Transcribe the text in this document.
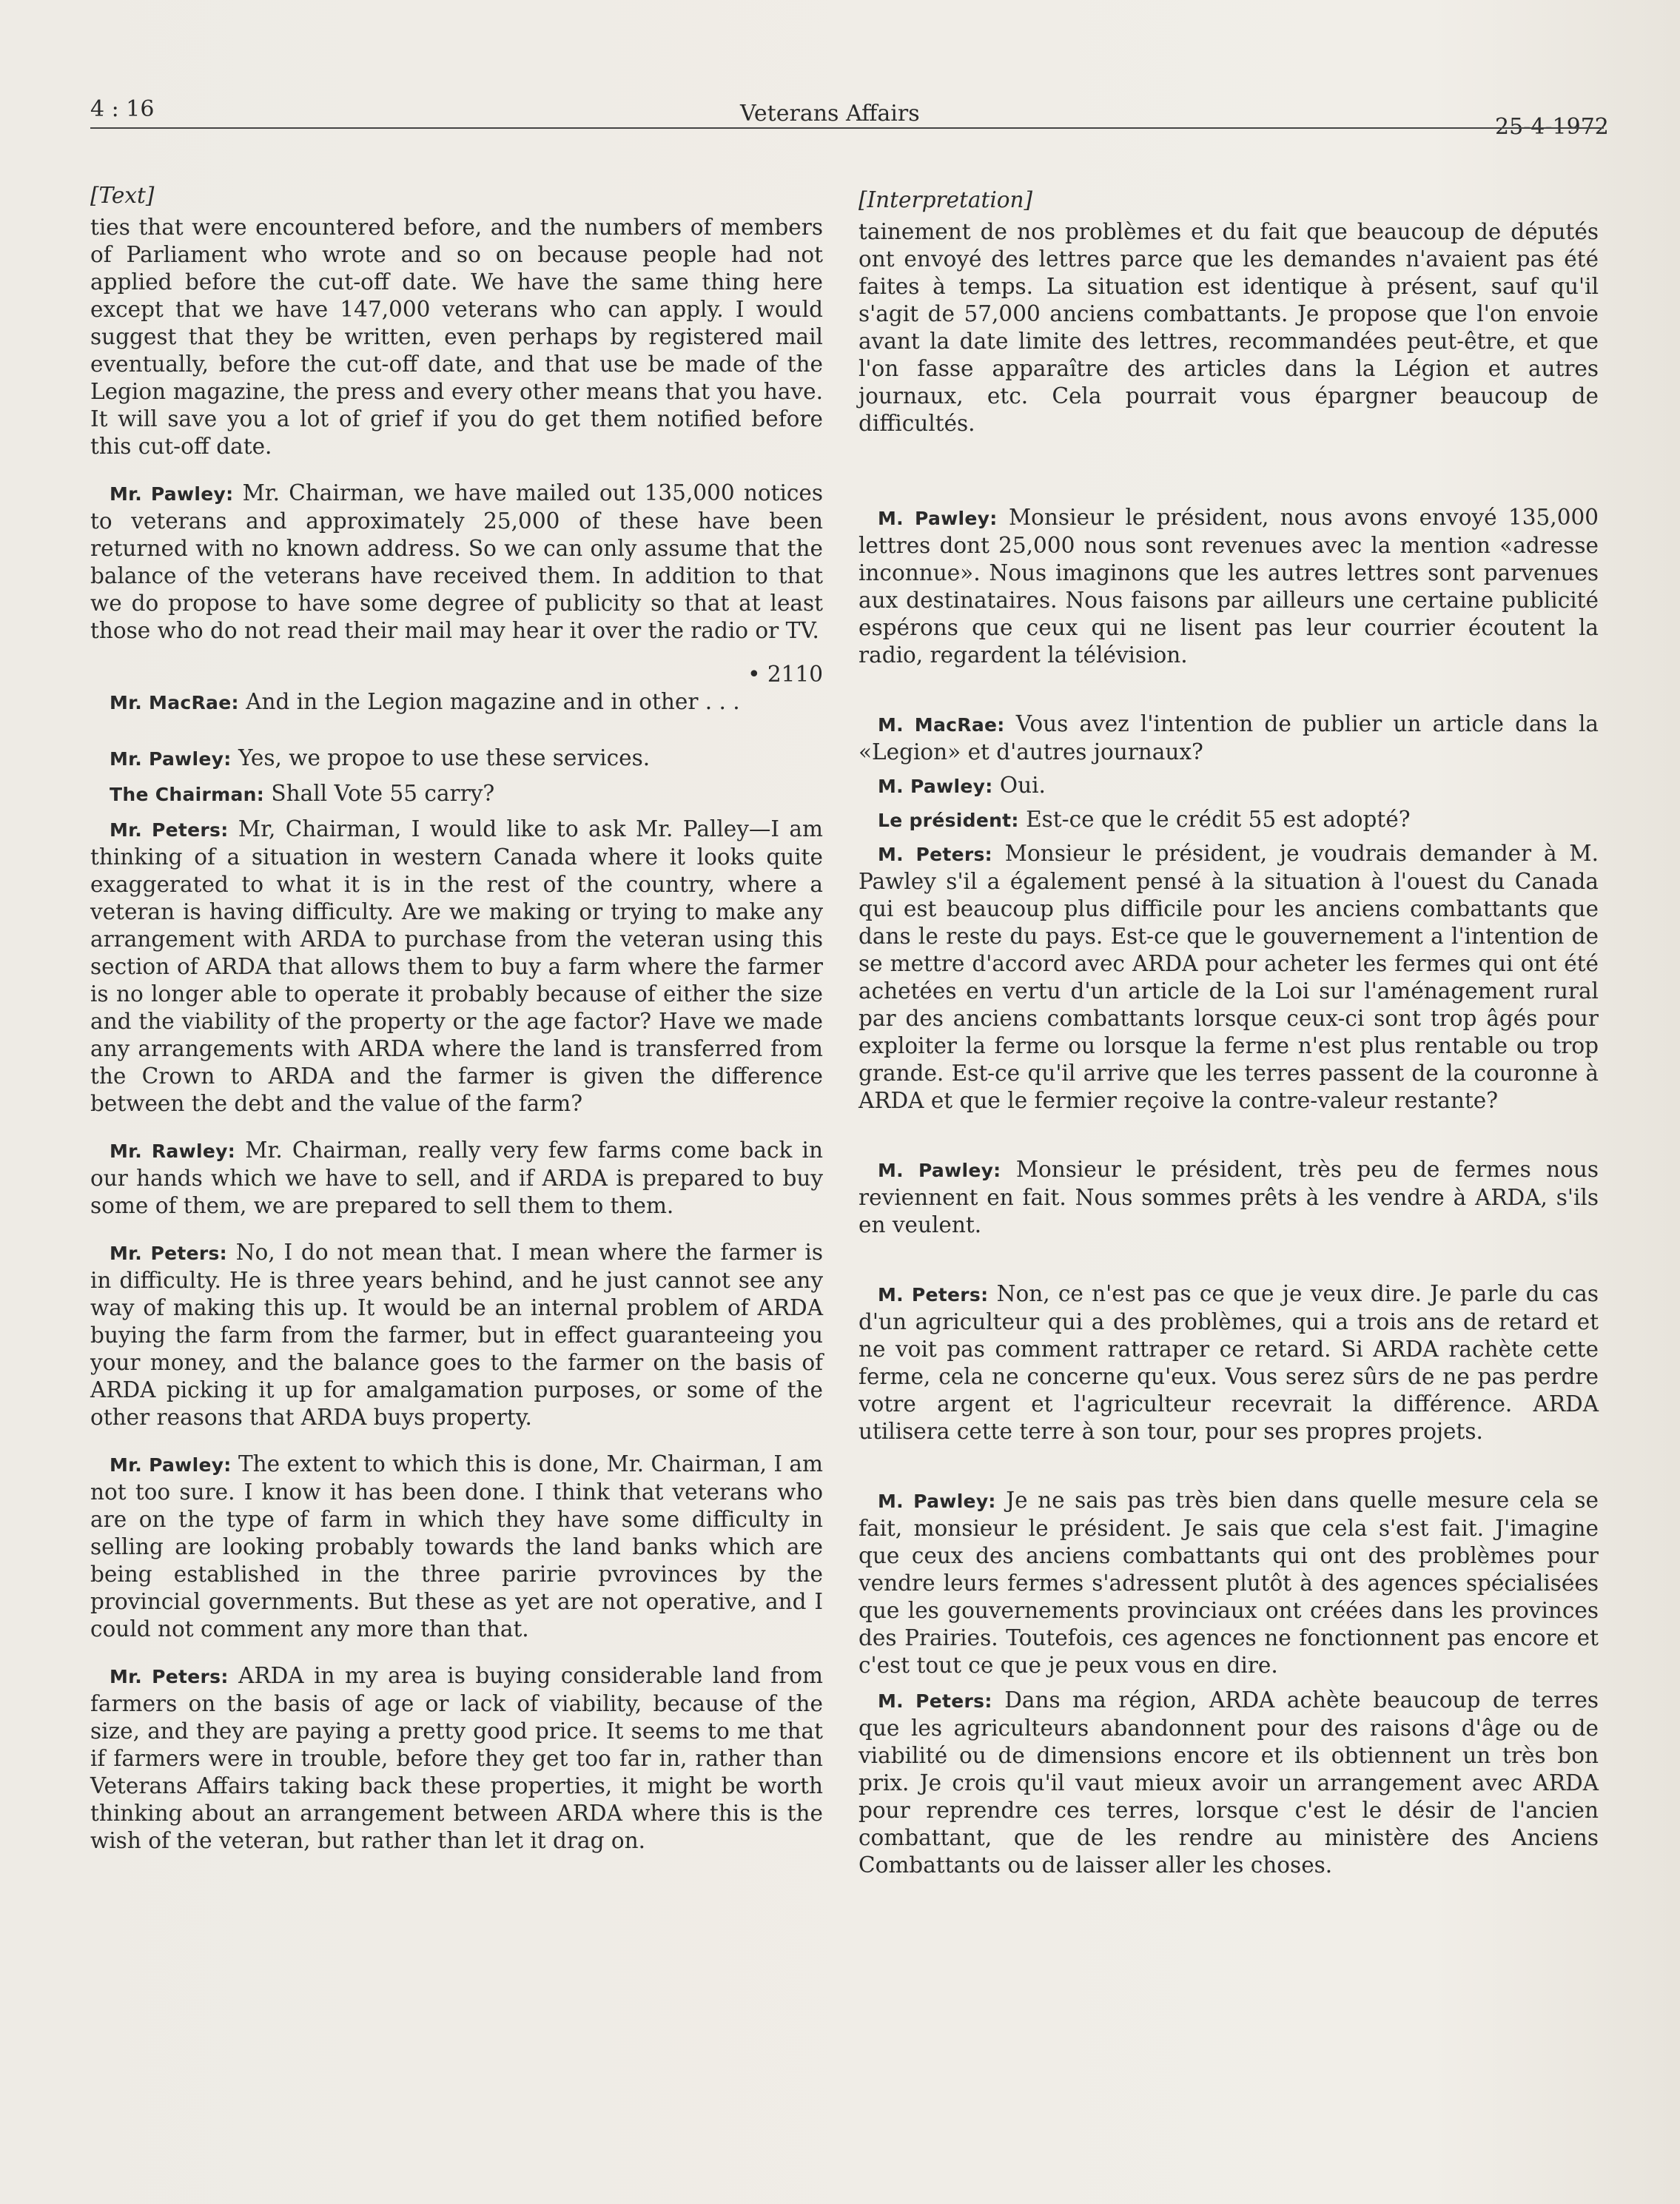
4 : 16	Veterans Affairs
25-4-1972

[Text]

ties that were encountered before, and the numbers of members of Parliament who wrote and so on because people had not applied before the cut-off date. We have the same thing here except that we have 147,000 veterans who can apply. I would suggest that they be written, even perhaps by registered mail eventually, before the cut-off date, and that use be made of the Legion magazine, the press and every other means that you have. It will save you a lot of grief if you do get them notified before this cut-off date.

Mr. Pawley: Mr. Chairman, we have mailed out 135,000 notices to veterans and approximately 25,000 of these have been returned with no known address. So we can only assume that the balance of the veterans have received them. In addition to that we do propose to have some degree of publicity so that at least those who do not read their mail may hear it over the radio or TV.

• 2110

Mr. MacRae: And in the Legion magazine and in other . . .

Mr. Pawley: Yes, we propoe to use these services.

The Chairman: Shall Vote 55 carry?

Mr. Peters: Mr, Chairman, I would like to ask Mr. Palley—I am thinking of a situation in western Canada where it looks quite exaggerated to what it is in the rest of the country, where a veteran is having difficulty. Are we making or trying to make any arrangement with ARDA to purchase from the veteran using this section of ARDA that allows them to buy a farm where the farmer is no longer able to operate it probably because of either the size and the viability of the property or the age factor? Have we made any arrangements with ARDA where the land is transferred from the Crown to ARDA and the farmer is given the difference between the debt and the value of the farm?

Mr. Rawley: Mr. Chairman, really very few farms come back in our hands which we have to sell, and if ARDA is prepared to buy some of them, we are prepared to sell them to them.

Mr. Peters: No, I do not mean that. I mean where the farmer is in difficulty. He is three years behind, and he just cannot see any way of making this up. It would be an internal problem of ARDA buying the farm from the farmer, but in effect guaranteeing you your money, and the balance goes to the farmer on the basis of ARDA picking it up for amalgamation purposes, or some of the other reasons that ARDA buys property.

Mr. Pawley: The extent to which this is done, Mr. Chairman, I am not too sure. I know it has been done. I think that veterans who are on the type of farm in which they have some difficulty in selling are looking probably towards the land banks which are being established in the three paririe pvrovinces by the provincial governments. But these as yet are not operative, and I could not comment any more than that.

Mr. Peters: ARDA in my area is buying considerable land from farmers on the basis of age or lack of viability, because of the size, and they are paying a pretty good price. It seems to me that if farmers were in trouble, before they get too far in, rather than Veterans Affairs taking back these properties, it might be worth thinking about an arrangement between ARDA where this is the wish of the veteran, but rather than let it drag on.

[Interpretation]

tainement de nos problèmes et du fait que beaucoup de députés ont envoyé des lettres parce que les demandes n'avaient pas été faites à temps. La situation est identique à présent, sauf qu'il s'agit de 57,000 anciens combattants. Je propose que l'on envoie avant la date limite des lettres, recommandées peut-être, et que l'on fasse apparaître des articles dans la Légion et autres journaux, etc. Cela pourrait vous épargner beaucoup de difficultés.

M. Pawley: Monsieur le président, nous avons envoyé 135,000 lettres dont 25,000 nous sont revenues avec la mention «adresse inconnue». Nous imaginons que les autres lettres sont parvenues aux destinataires. Nous faisons par ailleurs une certaine publicité espérons que ceux qui ne lisent pas leur courrier écoutent la radio, regardent la télévision.

M. MacRae: Vous avez l'intention de publier un article dans la «Legion» et d'autres journaux?

M. Pawley: Oui.

Le président: Est-ce que le crédit 55 est adopté?

M. Peters: Monsieur le président, je voudrais demander à M. Pawley s'il a également pensé à la situation à l'ouest du Canada qui est beaucoup plus difficile pour les anciens combattants que dans le reste du pays. Est-ce que le gouvernement a l'intention de se mettre d'accord avec ARDA pour acheter les fermes qui ont été achetées en vertu d'un article de la Loi sur l'aménagement rural par des anciens combattants lorsque ceux-ci sont trop âgés pour exploiter la ferme ou lorsque la ferme n'est plus rentable ou trop grande. Est-ce qu'il arrive que les terres passent de la couronne à ARDA et que le fermier reçoive la contre-valeur restante?

M. Pawley: Monsieur le président, très peu de fermes nous reviennent en fait. Nous sommes prêts à les vendre à ARDA, s'ils en veulent.

M. Peters: Non, ce n'est pas ce que je veux dire. Je parle du cas d'un agriculteur qui a des problèmes, qui a trois ans de retard et ne voit pas comment rattraper ce retard. Si ARDA rachète cette ferme, cela ne concerne qu'eux. Vous serez sûrs de ne pas perdre votre argent et l'agriculteur recevrait la différence. ARDA utilisera cette terre à son tour, pour ses propres projets.

M. Pawley: Je ne sais pas très bien dans quelle mesure cela se fait, monsieur le président. Je sais que cela s'est fait. J'imagine que ceux des anciens combattants qui ont des problèmes pour vendre leurs fermes s'adressent plutôt à des agences spécialisées que les gouvernements provinciaux ont créées dans les provinces des Prairies. Toutefois, ces agences ne fonctionnent pas encore et c'est tout ce que je peux vous en dire.

M. Peters: Dans ma région, ARDA achète beaucoup de terres que les agriculteurs abandonnent pour des raisons d'âge ou de viabilité ou de dimensions encore et ils obtiennent un très bon prix. Je crois qu'il vaut mieux avoir un arrangement avec ARDA pour reprendre ces terres, lorsque c'est le désir de l'ancien combattant, que de les rendre au ministère des Anciens Combattants ou de laisser aller les choses.
